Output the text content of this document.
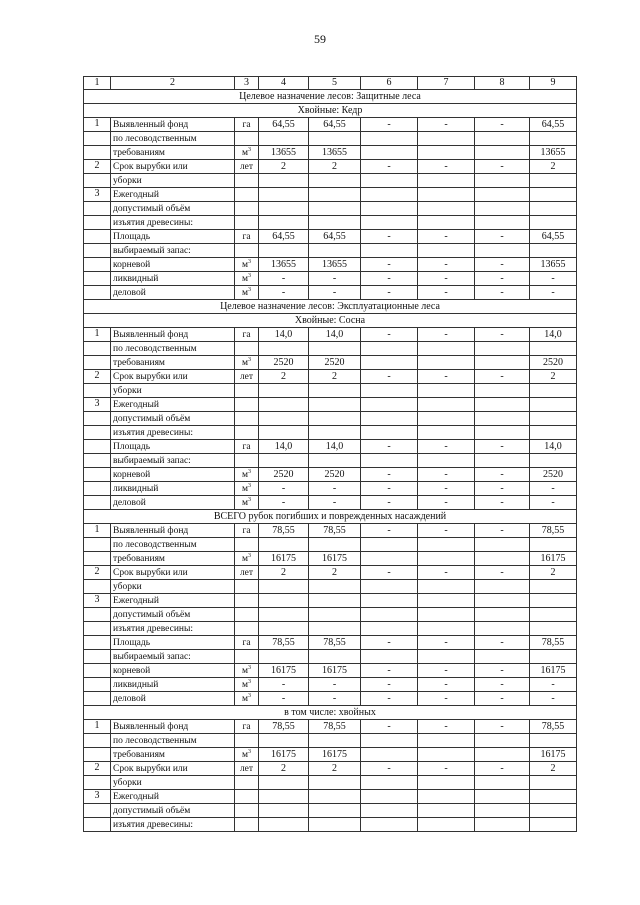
59
1	2	3	4	5	6	7	8	9
Целевое назначение лесов: Защитные леса								
Хвойные: Кедр								
1	Выявленный фонд	га	64,55	64,55	-	-	-	64,55
	по лесоводственным							
	требованиям	$м^3$	13655	13655				13655
2	Срок вырубки или	лет	2	2	-	-	-	2
	уборки							
3	Ежегодный							
	допустимый объём							
	изъятия древесины:							
	Площадь	га	64,55	64,55	-	-	-	64,55
	выбираемый запас:							
	корневой	$м^3$	13655	13655	-	-	-	13655
	ликвидный	$м^3$	-	-	-	-	-	-
	деловой	$м^3$	-	-	-	-	-	-
Целевое назначение лесов: Эксплуатационные леса								
Хвойные: Сосна								
1	Выявленный фонд	га	14,0	14,0	-	-	-	14,0
	по лесоводственным							
	требованиям	$м^3$	2520	2520				2520
2	Срок вырубки или	лет	2	2	-	-	-	2
	уборки							
3	Ежегодный							
	допустимый объём							
	изъятия древесины:							
	Площадь	га	14,0	14,0	-	-	-	14,0
	выбираемый запас:							
	корневой	$м^3$	2520	2520	-	-	-	2520
	ликвидный	$м^3$	-	-	-	-	-	-
	деловой	$м^3$	-	-	-	-	-	-
ВСЕГО рубок погибших и поврежденных насаждений								
1	Выявленный фонд	га	78,55	78,55	-	-	-	78,55
	по лесоводственным							
	требованиям	$м^3$	16175	16175				16175
2	Срок вырубки или	лет	2	2	-	-	-	2
	уборки							
3	Ежегодный							
	допустимый объём							
	изъятия древесины:							
	Площадь	га	78,55	78,55	-	-	-	78,55
	выбираемый запас:							
	корневой	$м^3$	16175	16175	-	-	-	16175
	ликвидный	$м^3$	-	-	-	-	-	-
	деловой	$м^3$	-	-	-	-	-	-
в том числе: хвойных								
1	Выявленный фонд	га	78,55	78,55	-	-	-	78,55
	по лесоводственным							
	требованиям	$м^3$	16175	16175				16175
2	Срок вырубки или	лет	2	2	-	-	-	2
	уборки							
3	Ежегодный							
	допустимый объём							
	изъятия древесины:							
